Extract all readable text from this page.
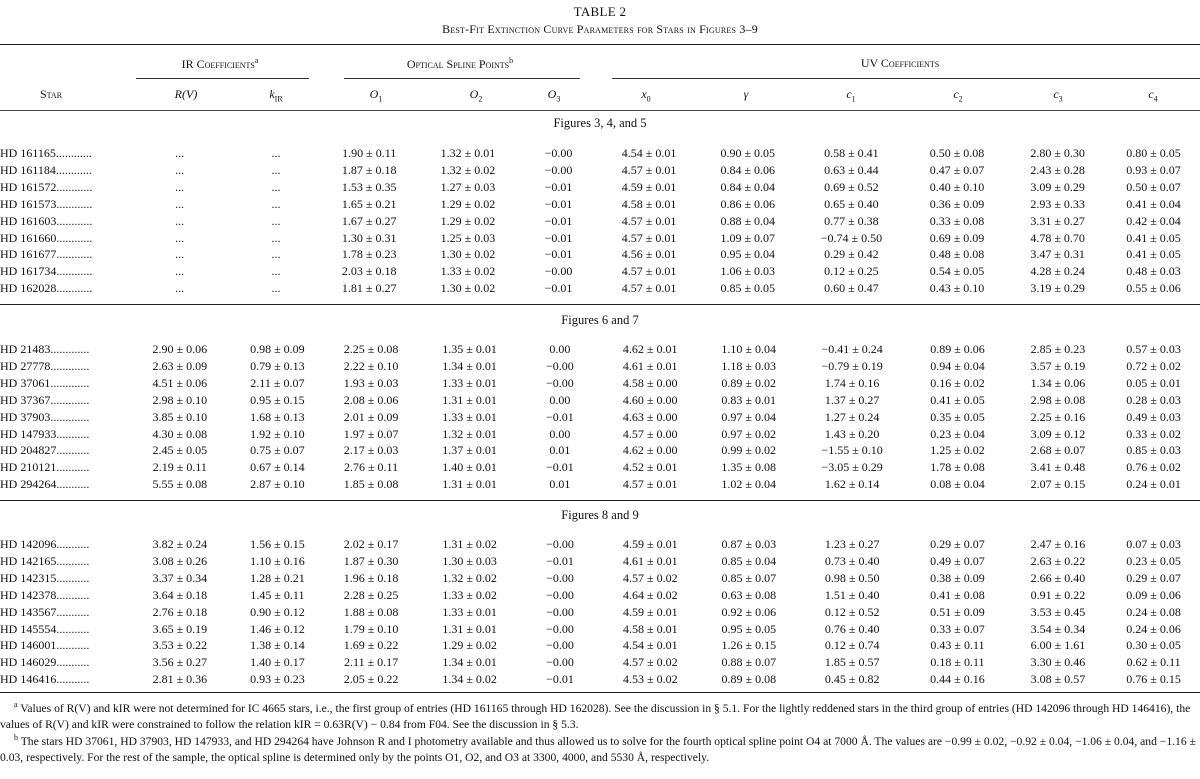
TABLE 2
Best-Fit Extinction Curve Parameters for Stars in Figures 3–9
IR Coefficients$^a$	Optical Spline Points$^b$	UV Coefficients
Star	R(V)	$k_{IR}$	$O_1$	$O_2$	$O_3$	$x_0$	γ	$c_1$	$c_2$	$c_3$	$c_4$
Figures 3, 4, and 5
HD 161165............	...	...	1.90 ± 0.11	1.32 ± 0.01	−0.00	4.54 ± 0.01	0.90 ± 0.05	0.58 ± 0.41	0.50 ± 0.08	2.80 ± 0.30	0.80 ± 0.05
HD 161184............	...	...	1.87 ± 0.18	1.32 ± 0.02	−0.00	4.57 ± 0.01	0.84 ± 0.06	0.63 ± 0.44	0.47 ± 0.07	2.43 ± 0.28	0.93 ± 0.07
HD 161572............	...	...	1.53 ± 0.35	1.27 ± 0.03	−0.01	4.59 ± 0.01	0.84 ± 0.04	0.69 ± 0.52	0.40 ± 0.10	3.09 ± 0.29	0.50 ± 0.07
HD 161573............	...	...	1.65 ± 0.21	1.29 ± 0.02	−0.01	4.58 ± 0.01	0.86 ± 0.06	0.65 ± 0.40	0.36 ± 0.09	2.93 ± 0.33	0.41 ± 0.04
HD 161603............	...	...	1.67 ± 0.27	1.29 ± 0.02	−0.01	4.57 ± 0.01	0.88 ± 0.04	0.77 ± 0.38	0.33 ± 0.08	3.31 ± 0.27	0.42 ± 0.04
HD 161660............	...	...	1.30 ± 0.31	1.25 ± 0.03	−0.01	4.57 ± 0.01	1.09 ± 0.07	−0.74 ± 0.50	0.69 ± 0.09	4.78 ± 0.70	0.41 ± 0.05
HD 161677............	...	...	1.78 ± 0.23	1.30 ± 0.02	−0.01	4.56 ± 0.01	0.95 ± 0.04	0.29 ± 0.42	0.48 ± 0.08	3.47 ± 0.31	0.41 ± 0.05
HD 161734............	...	...	2.03 ± 0.18	1.33 ± 0.02	−0.00	4.57 ± 0.01	1.06 ± 0.03	0.12 ± 0.25	0.54 ± 0.05	4.28 ± 0.24	0.48 ± 0.03
HD 162028............	...	...	1.81 ± 0.27	1.30 ± 0.02	−0.01	4.57 ± 0.01	0.85 ± 0.05	0.60 ± 0.47	0.43 ± 0.10	3.19 ± 0.29	0.55 ± 0.06
Figures 6 and 7
HD 21483.............	2.90 ± 0.06	0.98 ± 0.09	2.25 ± 0.08	1.35 ± 0.01	0.00	4.62 ± 0.01	1.10 ± 0.04	−0.41 ± 0.24	0.89 ± 0.06	2.85 ± 0.23	0.57 ± 0.03
HD 27778.............	2.63 ± 0.09	0.79 ± 0.13	2.22 ± 0.10	1.34 ± 0.01	−0.00	4.61 ± 0.01	1.18 ± 0.03	−0.79 ± 0.19	0.94 ± 0.04	3.57 ± 0.19	0.72 ± 0.02
HD 37061.............	4.51 ± 0.06	2.11 ± 0.07	1.93 ± 0.03	1.33 ± 0.01	−0.00	4.58 ± 0.00	0.89 ± 0.02	1.74 ± 0.16	0.16 ± 0.02	1.34 ± 0.06	0.05 ± 0.01
HD 37367.............	2.98 ± 0.10	0.95 ± 0.15	2.08 ± 0.06	1.31 ± 0.01	0.00	4.60 ± 0.00	0.83 ± 0.01	1.37 ± 0.27	0.41 ± 0.05	2.98 ± 0.08	0.28 ± 0.03
HD 37903.............	3.85 ± 0.10	1.68 ± 0.13	2.01 ± 0.09	1.33 ± 0.01	−0.01	4.63 ± 0.00	0.97 ± 0.04	1.27 ± 0.24	0.35 ± 0.05	2.25 ± 0.16	0.49 ± 0.03
HD 147933...........	4.30 ± 0.08	1.92 ± 0.10	1.97 ± 0.07	1.32 ± 0.01	0.00	4.57 ± 0.00	0.97 ± 0.02	1.43 ± 0.20	0.23 ± 0.04	3.09 ± 0.12	0.33 ± 0.02
HD 204827...........	2.45 ± 0.05	0.75 ± 0.07	2.17 ± 0.03	1.37 ± 0.01	0.01	4.62 ± 0.00	0.99 ± 0.02	−1.55 ± 0.10	1.25 ± 0.02	2.68 ± 0.07	0.85 ± 0.03
HD 210121...........	2.19 ± 0.11	0.67 ± 0.14	2.76 ± 0.11	1.40 ± 0.01	−0.01	4.52 ± 0.01	1.35 ± 0.08	−3.05 ± 0.29	1.78 ± 0.08	3.41 ± 0.48	0.76 ± 0.02
HD 294264...........	5.55 ± 0.08	2.87 ± 0.10	1.85 ± 0.08	1.31 ± 0.01	0.01	4.57 ± 0.01	1.02 ± 0.04	1.62 ± 0.14	0.08 ± 0.04	2.07 ± 0.15	0.24 ± 0.01
Figures 8 and 9
HD 142096...........	3.82 ± 0.24	1.56 ± 0.15	2.02 ± 0.17	1.31 ± 0.02	−0.00	4.59 ± 0.01	0.87 ± 0.03	1.23 ± 0.27	0.29 ± 0.07	2.47 ± 0.16	0.07 ± 0.03
HD 142165...........	3.08 ± 0.26	1.10 ± 0.16	1.87 ± 0.30	1.30 ± 0.03	−0.01	4.61 ± 0.01	0.85 ± 0.04	0.73 ± 0.40	0.49 ± 0.07	2.63 ± 0.22	0.23 ± 0.05
HD 142315...........	3.37 ± 0.34	1.28 ± 0.21	1.96 ± 0.18	1.32 ± 0.02	−0.00	4.57 ± 0.02	0.85 ± 0.07	0.98 ± 0.50	0.38 ± 0.09	2.66 ± 0.40	0.29 ± 0.07
HD 142378...........	3.64 ± 0.18	1.45 ± 0.11	2.28 ± 0.25	1.33 ± 0.02	−0.00	4.64 ± 0.02	0.63 ± 0.08	1.51 ± 0.40	0.41 ± 0.08	0.91 ± 0.22	0.09 ± 0.06
HD 143567...........	2.76 ± 0.18	0.90 ± 0.12	1.88 ± 0.08	1.33 ± 0.01	−0.00	4.59 ± 0.01	0.92 ± 0.06	0.12 ± 0.52	0.51 ± 0.09	3.53 ± 0.45	0.24 ± 0.08
HD 145554...........	3.65 ± 0.19	1.46 ± 0.12	1.79 ± 0.10	1.31 ± 0.01	−0.00	4.58 ± 0.01	0.95 ± 0.05	0.76 ± 0.40	0.33 ± 0.07	3.54 ± 0.34	0.24 ± 0.06
HD 146001...........	3.53 ± 0.22	1.38 ± 0.14	1.69 ± 0.22	1.29 ± 0.02	−0.00	4.54 ± 0.01	1.26 ± 0.15	0.12 ± 0.74	0.43 ± 0.11	6.00 ± 1.61	0.30 ± 0.05
HD 146029...........	3.56 ± 0.27	1.40 ± 0.17	2.11 ± 0.17	1.34 ± 0.01	−0.00	4.57 ± 0.02	0.88 ± 0.07	1.85 ± 0.57	0.18 ± 0.11	3.30 ± 0.46	0.62 ± 0.11
HD 146416...........	2.81 ± 0.36	0.93 ± 0.23	2.05 ± 0.22	1.34 ± 0.02	−0.01	4.53 ± 0.02	0.89 ± 0.08	0.45 ± 0.82	0.44 ± 0.16	3.08 ± 0.57	0.76 ± 0.15
$^a$ Values of R(V) and kIR were not determined for IC 4665 stars, i.e., the first group of entries (HD 161165 through HD 162028). See the discussion in § 5.1. For the lightly reddened stars in the third group of entries (HD 142096 through HD 146416), the values of R(V) and kIR were constrained to follow the relation kIR = 0.63R(V) − 0.84 from F04. See the discussion in § 5.3.
$^b$ The stars HD 37061, HD 37903, HD 147933, and HD 294264 have Johnson R and I photometry available and thus allowed us to solve for the fourth optical spline point O4 at 7000 Å. The values are −0.99 ± 0.02, −0.92 ± 0.04, −1.06 ± 0.04, and −1.16 ± 0.03, respectively. For the rest of the sample, the optical spline is determined only by the points O1, O2, and O3 at 3300, 4000, and 5530 Å, respectively.
